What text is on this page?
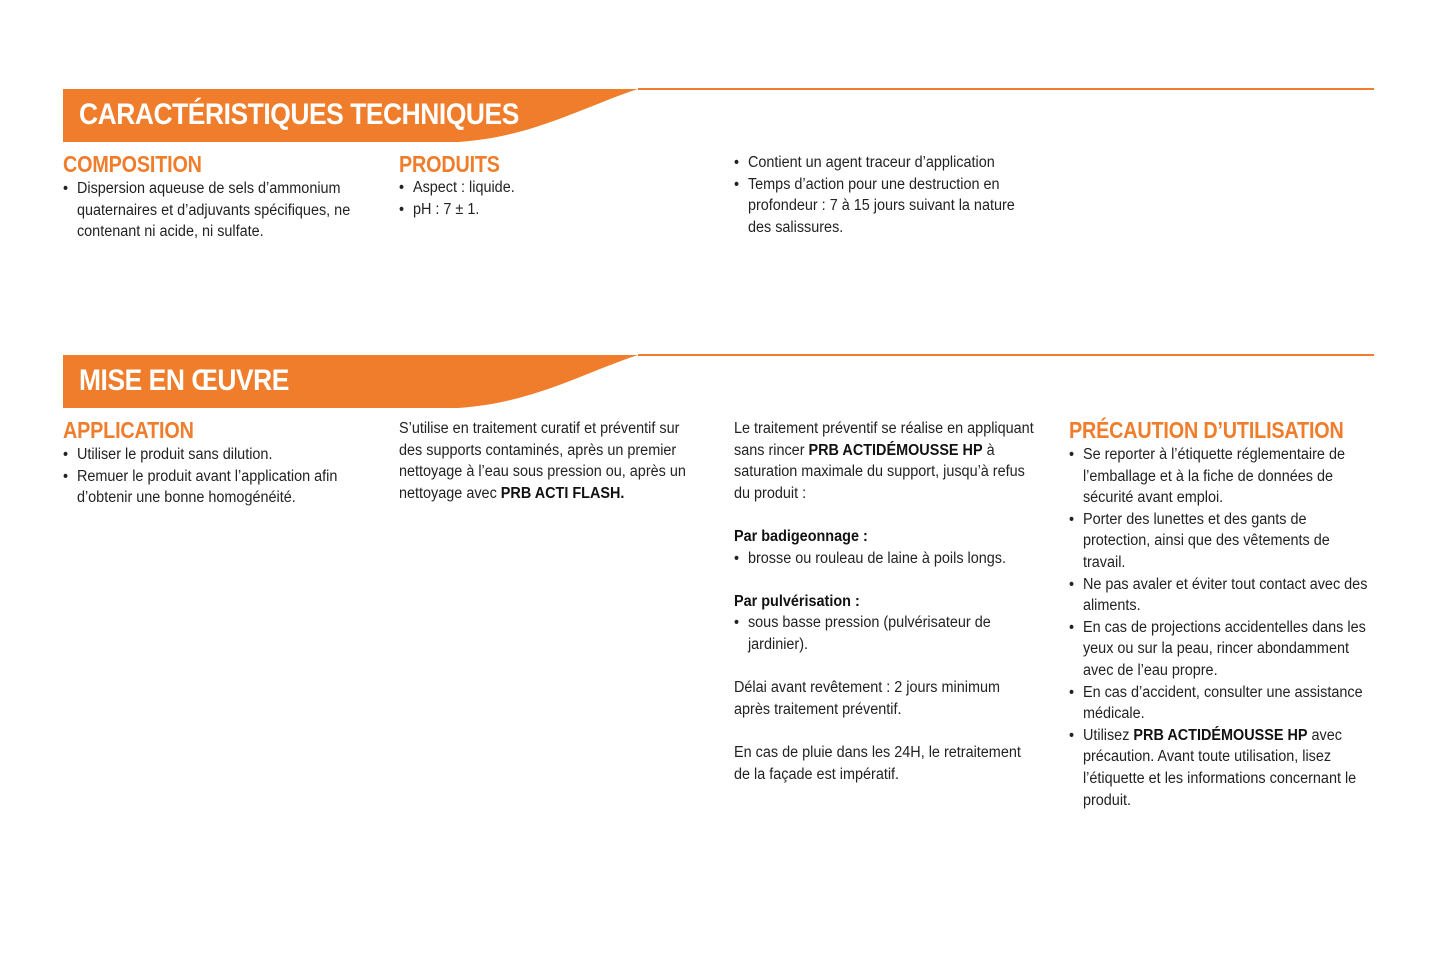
CARACTÉRISTIQUES TECHNIQUES
COMPOSITION
• Dispersion aqueuse de sels d’ammonium quaternaires et d’adjuvants spécifiques, ne contenant ni acide, ni sulfate.
PRODUITS
• Aspect : liquide.
• pH : 7 ± 1.
• Contient un agent traceur d’application
• Temps d’action pour une destruction en profondeur : 7 à 15 jours suivant la nature des salissures.
MISE EN ŒUVRE
APPLICATION
• Utiliser le produit sans dilution.
• Remuer le produit avant l’application afin d’obtenir une bonne homogénéité.

S’utilise en traitement curatif et préventif sur des supports contaminés, après un premier nettoyage à l’eau sous pression ou, après un nettoyage avec PRB ACTI FLASH.

Le traitement préventif se réalise en appliquant sans rincer PRB ACTIDÉMOUSSE HP à saturation maximale du support, jusqu’à refus du produit :

Par badigeonnage :

• brosse ou rouleau de laine à poils longs.

Par pulvérisation :

• sous basse pression (pulvérisateur de jardinier).

Délai avant revêtement : 2 jours minimum après traitement préventif.

En cas de pluie dans les 24H, le retraitement de la façade est impératif.

PRÉCAUTION D’UTILISATION
• Se reporter à l’étiquette réglementaire de l’emballage et à la fiche de données de sécurité avant emploi.
• Porter des lunettes et des gants de protection, ainsi que des vêtements de travail.
• Ne pas avaler et éviter tout contact avec des aliments.
• En cas de projections accidentelles dans les yeux ou sur la peau, rincer abondamment avec de l’eau propre.
• En cas d’accident, consulter une assistance médicale.
• Utilisez PRB ACTIDÉMOUSSE HP avec précaution. Avant toute utilisation, lisez l’étiquette et les informations concernant le produit.
